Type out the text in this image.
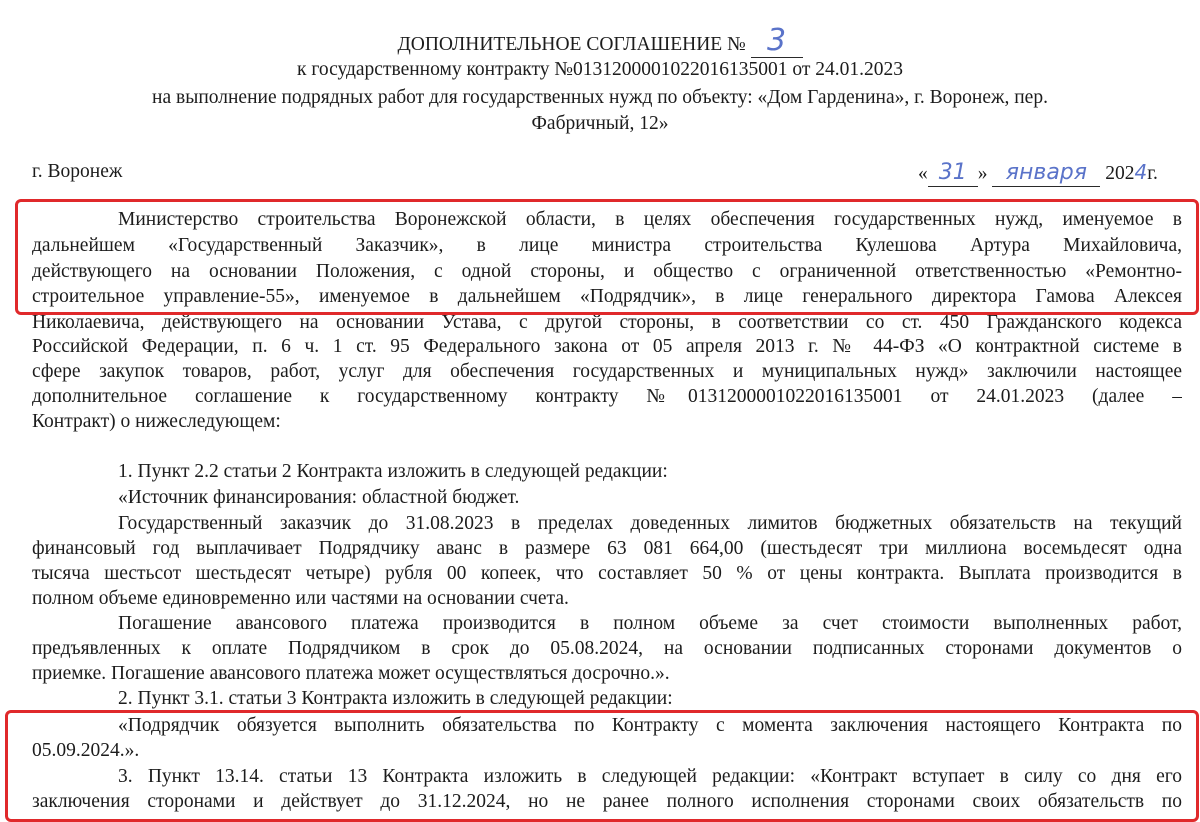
ДОПОЛНИТЕЛЬНОЕ СОГЛАШЕНИЕ № 3
к государственному контракту №0131200001022016135001 от 24.01.2023
на выполнение подрядных работ для государственных нужд по объекту: «Дом Гарденина», г. Воронеж, пер.
Фабричный, 12»
г. Воронеж	« 31 » января 2024г.
Министерство строительства Воронежской области, в целях обеспечения государственных нужд, именуемое в
дальнейшем «Государственный Заказчик», в лице министра строительства Кулешова Артура Михайловича,
действующего на основании Положения, с одной стороны, и общество с ограниченной ответственностью «Ремонтно-
строительное управление-55», именуемое в дальнейшем «Подрядчик», в лице генерального директора Гамова Алексея
Николаевича, действующего на основании Устава, с другой стороны, в соответствии со ст. 450 Гражданского кодекса
Российской Федерации, п. 6 ч. 1 ст. 95 Федерального закона от 05 апреля 2013 г. № 44-ФЗ «О контрактной системе в
сфере закупок товаров, работ, услуг для обеспечения государственных и муниципальных нужд» заключили настоящее
дополнительное соглашение к государственному контракту №0131200001022016135001 от 24.01.2023 (далее –
Контракт) о нижеследующем:
1. Пункт 2.2 статьи 2 Контракта изложить в следующей редакции:
«Источник финансирования: областной бюджет.
Государственный заказчик до 31.08.2023 в пределах доведенных лимитов бюджетных обязательств на текущий
финансовый год выплачивает Подрядчику аванс в размере 63 081 664,00 (шестьдесят три миллиона восемьдесят одна
тысяча шестьсот шестьдесят четыре) рубля 00 копеек, что составляет 50 % от цены контракта. Выплата производится в
полном объеме единовременно или частями на основании счета.
Погашение авансового платежа производится в полном объеме за счет стоимости выполненных работ,
предъявленных к оплате Подрядчиком в срок до 05.08.2024, на основании подписанных сторонами документов о
приемке. Погашение авансового платежа может осуществляться досрочно.».
2. Пункт 3.1. статьи 3 Контракта изложить в следующей редакции:
«Подрядчик обязуется выполнить обязательства по Контракту с момента заключения настоящего Контракта по
05.09.2024.».
3. Пункт 13.14. статьи 13 Контракта изложить в следующей редакции: «Контракт вступает в силу со дня его
заключения сторонами и действует до 31.12.2024, но не ранее полного исполнения сторонами своих обязательств по
